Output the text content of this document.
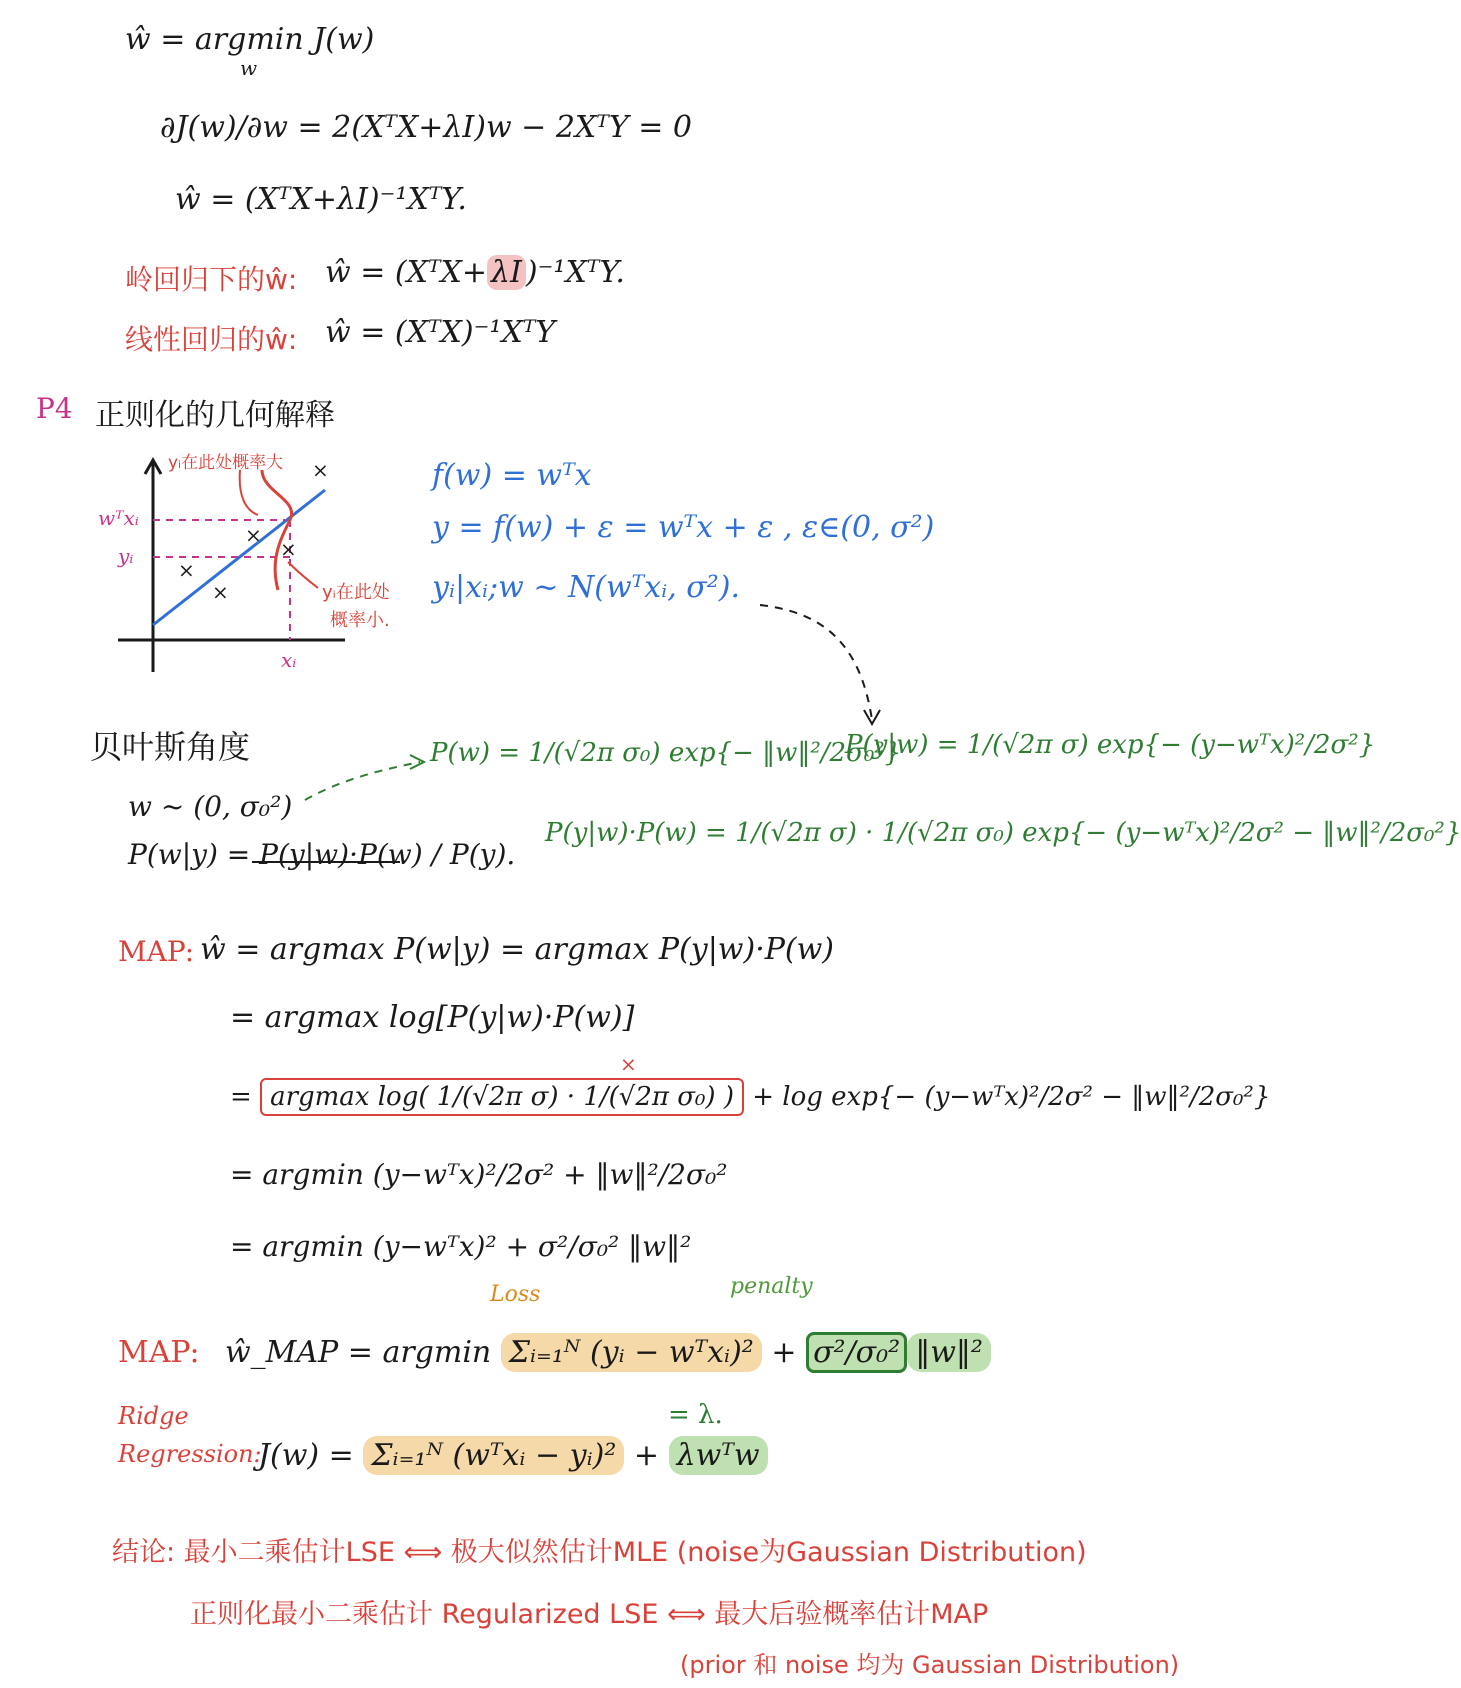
ŵ = argmin J(w)
w
∂J(w)/∂w = 2(XᵀX+λI)w − 2XᵀY = 0
ŵ = (XᵀX+λI)⁻¹XᵀY.
岭回归下的ŵ: ŵ = (XᵀX+ λI )⁻¹XᵀY.
线性回归的ŵ: ŵ = (XᵀX)⁻¹XᵀY
P4 正则化的几何解释
yᵢ在此处概率大 ×
wᵀxᵢ
yᵢ
×
×
×
×	yᵢ在此处
概率小.
xᵢ
f(w) = wᵀx
y = f(w) + ε = wᵀx + ε , ε∈(0, σ²)
yᵢ|xᵢ;w ~ N(wᵀxᵢ, σ²).
贝叶斯角度	P(w) = 1/(√2π σ₀) exp{− ‖w‖²/2σ₀²}
P(y|w) = 1/(√2π σ) exp{− (y−wᵀx)²/2σ²}
w ~ (0, σ₀²)
P(y|w)·P(w) = 1/(√2π σ) · 1/(√2π σ₀) exp{− (y−wᵀx)²/2σ² − ‖w‖²/2σ₀²}
P(w|y) = P(y|w)·P(w) / P(y).
MAP: ŵ = argmax P(w|y) = argmax P(y|w)·P(w)
= argmax log[P(y|w)·P(w)]
= argmax log( 1/(√2π σ) · 1/(√2π σ₀) ) + log exp{− (y−wᵀx)²/2σ² − ‖w‖²/2σ₀²}
×
= argmin (y−wᵀx)²/2σ² + ‖w‖²/2σ₀²
= argmin (y−wᵀx)² + σ²/σ₀² ‖w‖²
Loss	penalty
MAP: ŵ_MAP = argmin Σᵢ₌₁ᴺ (yᵢ − wᵀxᵢ)² + σ²/σ₀² ‖w‖²
= λ.
Ridge
Regression:
J(w) = Σᵢ₌₁ᴺ (wᵀxᵢ − yᵢ)² + λwᵀw
结论: 最小二乘估计LSE ⟺ 极大似然估计MLE (noise为Gaussian Distribution)
正则化最小二乘估计 Regularized LSE ⟺ 最大后验概率估计MAP
(prior 和 noise 均为 Gaussian Distribution)
